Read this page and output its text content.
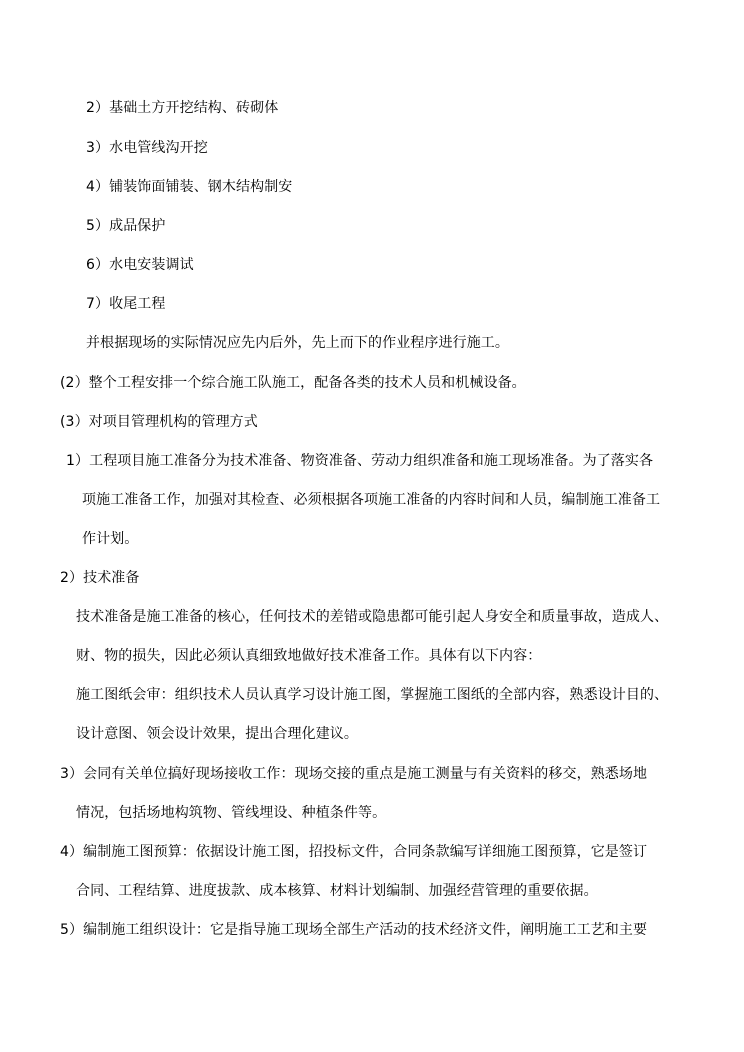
2）基础土方开挖结构、砖砌体
3）水电管线沟开挖
4）铺装饰面铺装、钢木结构制安
5）成品保护
6）水电安装调试
7）收尾工程
并根据现场的实际情况应先内后外，先上而下的作业程序进行施工。
(2）整个工程安排一个综合施工队施工，配备各类的技术人员和机械设备。
(3）对项目管理机构的管理方式
1）工程项目施工准备分为技术准备、物资准备、劳动力组织准备和施工现场准备。为了落实各
项施工准备工作，加强对其检查、必须根据各项施工准备的内容时间和人员，编制施工准备工
作计划。
2）技术准备
技术准备是施工准备的核心，任何技术的差错或隐患都可能引起人身安全和质量事故，造成人、
财、物的损失，因此必须认真细致地做好技术准备工作。具体有以下内容：
施工图纸会审：组织技术人员认真学习设计施工图，掌握施工图纸的全部内容，熟悉设计目的、
设计意图、领会设计效果，提出合理化建议。
3）会同有关单位搞好现场接收工作：现场交接的重点是施工测量与有关资料的移交，熟悉场地
情况，包括场地构筑物、管线埋设、种植条件等。
4）编制施工图预算：依据设计施工图，招投标文件，合同条款编写详细施工图预算，它是签订
合同、工程结算、进度拔款、成本核算、材料计划编制、加强经营管理的重要依据。
5）编制施工组织设计：它是指导施工现场全部生产活动的技术经济文件，阐明施工工艺和主要
